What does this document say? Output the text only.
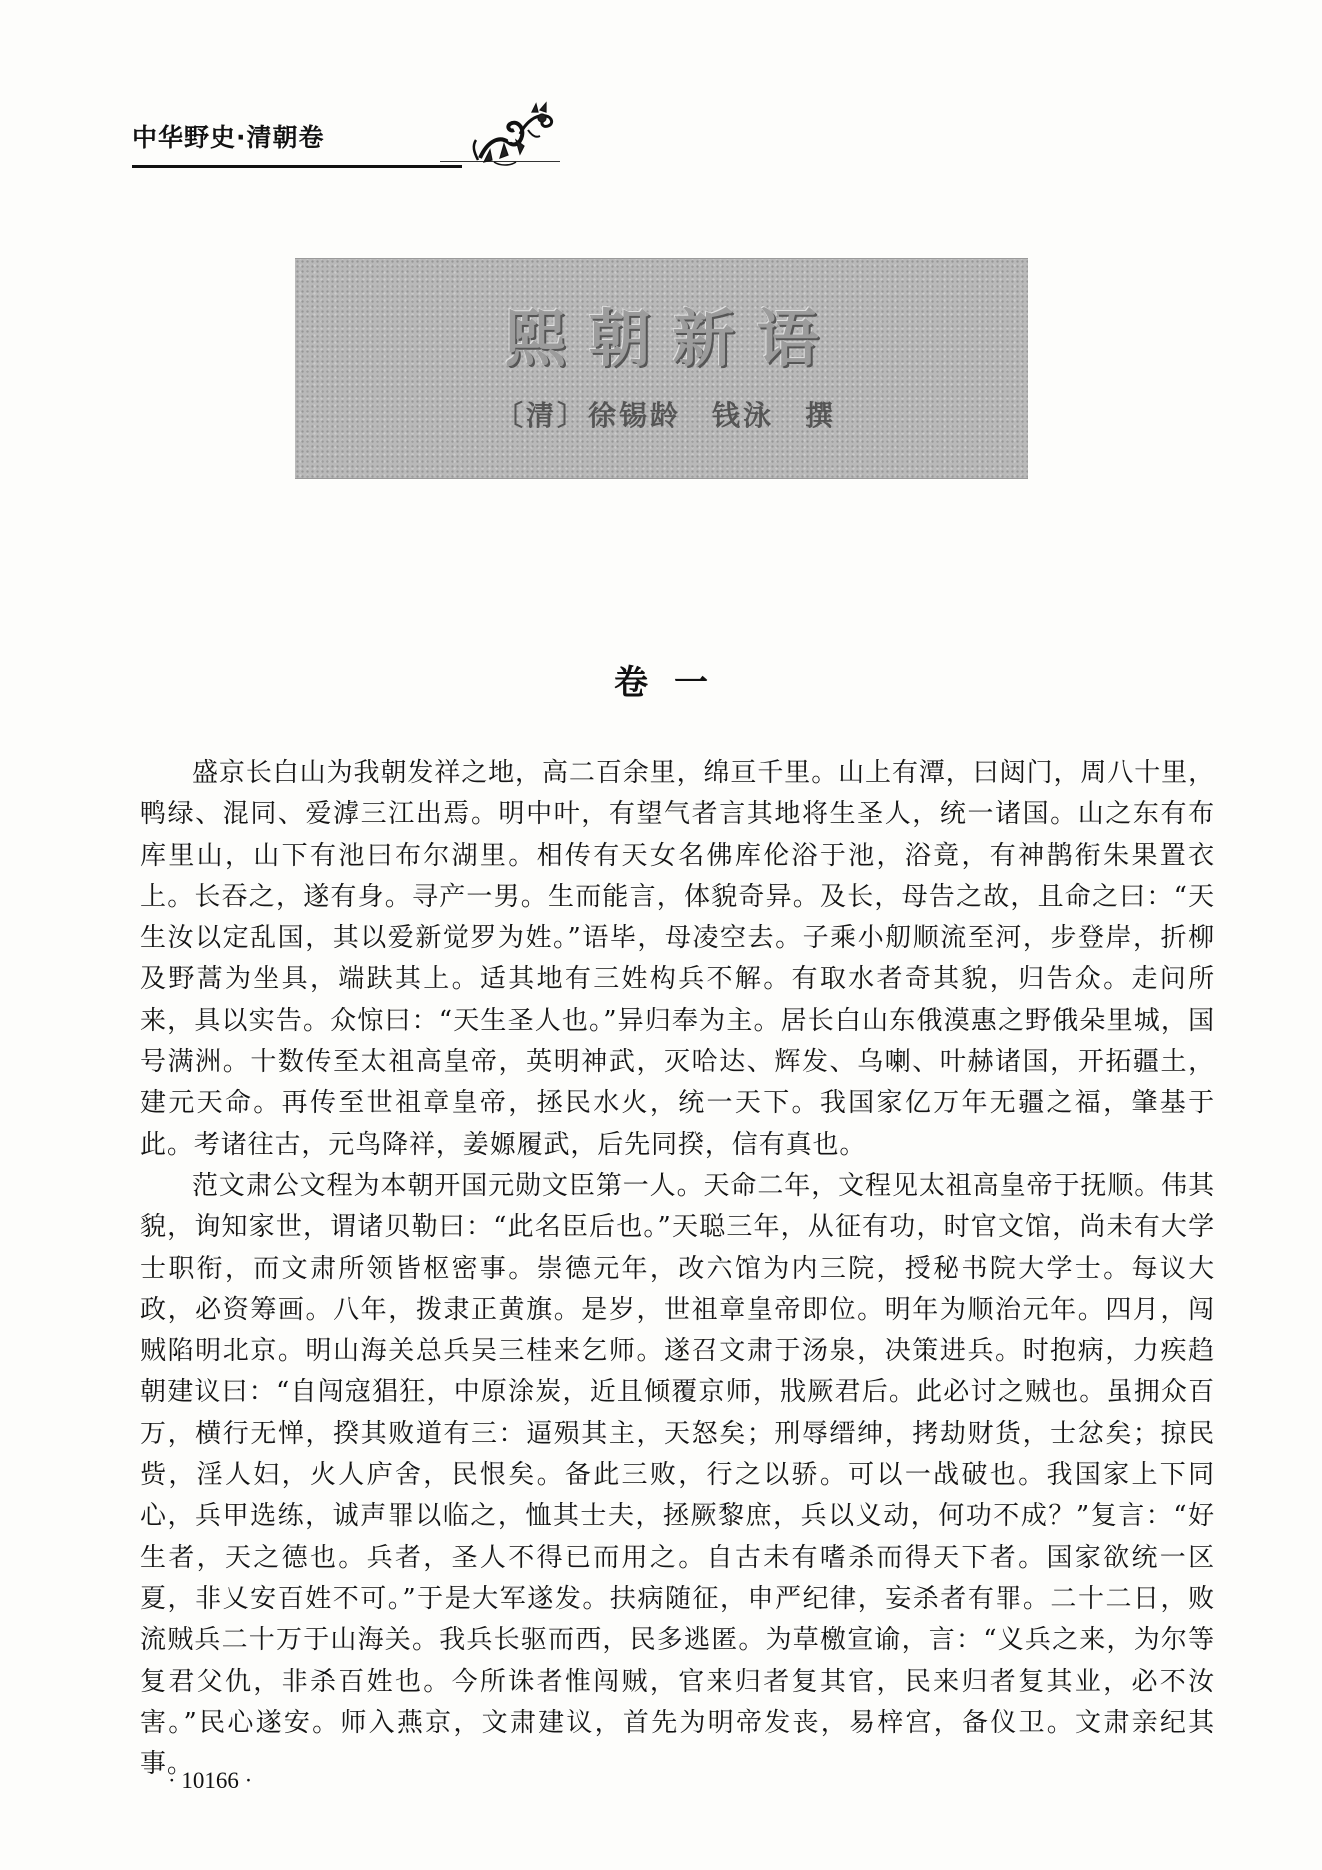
中华野史·清朝卷
熙朝新语
〔清〕徐锡龄　钱泳　撰
卷一

盛京长白山为我朝发祥之地，高二百余里，绵亘千里。山上有潭，曰闼门，周八十里，鸭绿、混同、爱滹三江出焉。明中叶，有望气者言其地将生圣人，统一诸国。山之东有布库里山，山下有池曰布尔湖里。相传有天女名佛库伦浴于池，浴竟，有神鹊衔朱果置衣上。长吞之，遂有身。寻产一男。生而能言，体貌奇异。及长，母告之故，且命之曰：“天生汝以定乱国，其以爱新觉罗为姓。”语毕，母凌空去。子乘小舠顺流至河，步登岸，折柳及野蒿为坐具，端趺其上。适其地有三姓构兵不解。有取水者奇其貌，归告众。走问所来，具以实告。众惊曰：“天生圣人也。”异归奉为主。居长白山东俄漠惠之野俄朵里城，国号满洲。十数传至太祖高皇帝，英明神武，灭哈达、辉发、乌喇、叶赫诸国，开拓疆土，建元天命。再传至世祖章皇帝，拯民水火，统一天下。我国家亿万年无疆之福，肇基于此。考诸往古，元鸟降祥，姜嫄履武，后先同揆，信有真也。

范文肃公文程为本朝开国元勋文臣第一人。天命二年，文程见太祖高皇帝于抚顺。伟其貌，询知家世，谓诸贝勒曰：“此名臣后也。”天聪三年，从征有功，时官文馆，尚未有大学士职衔，而文肃所领皆枢密事。崇德元年，改六馆为内三院，授秘书院大学士。每议大政，必资筹画。八年，拨隶正黄旗。是岁，世祖章皇帝即位。明年为顺治元年。四月，闯贼陷明北京。明山海关总兵吴三桂来乞师。遂召文肃于汤泉，决策进兵。时抱病，力疾趋朝建议曰：“自闯寇猖狂，中原涂炭，近且倾覆京师，戕厥君后。此必讨之贼也。虽拥众百万，横行无惮，揆其败道有三：逼殒其主，天怒矣；刑辱缙绅，拷劫财货，士忿矣；掠民赀，淫人妇，火人庐舍，民恨矣。备此三败，行之以骄。可以一战破也。我国家上下同心，兵甲选练，诚声罪以临之，恤其士夫，拯厥黎庶，兵以义动，何功不成？”复言：“好生者，天之德也。兵者，圣人不得已而用之。自古未有嗜杀而得天下者。国家欲统一区夏，非乂安百姓不可。”于是大军遂发。扶病随征，申严纪律，妄杀者有罪。二十二日，败流贼兵二十万于山海关。我兵长驱而西，民多逃匿。为草檄宣谕，言：“义兵之来，为尔等复君父仇，非杀百姓也。今所诛者惟闯贼，官来归者复其官，民来归者复其业，必不汝害。”民心遂安。师入燕京，文肃建议，首先为明帝发丧，易梓宫，备仪卫。文肃亲纪其事。

· 10166 ·
